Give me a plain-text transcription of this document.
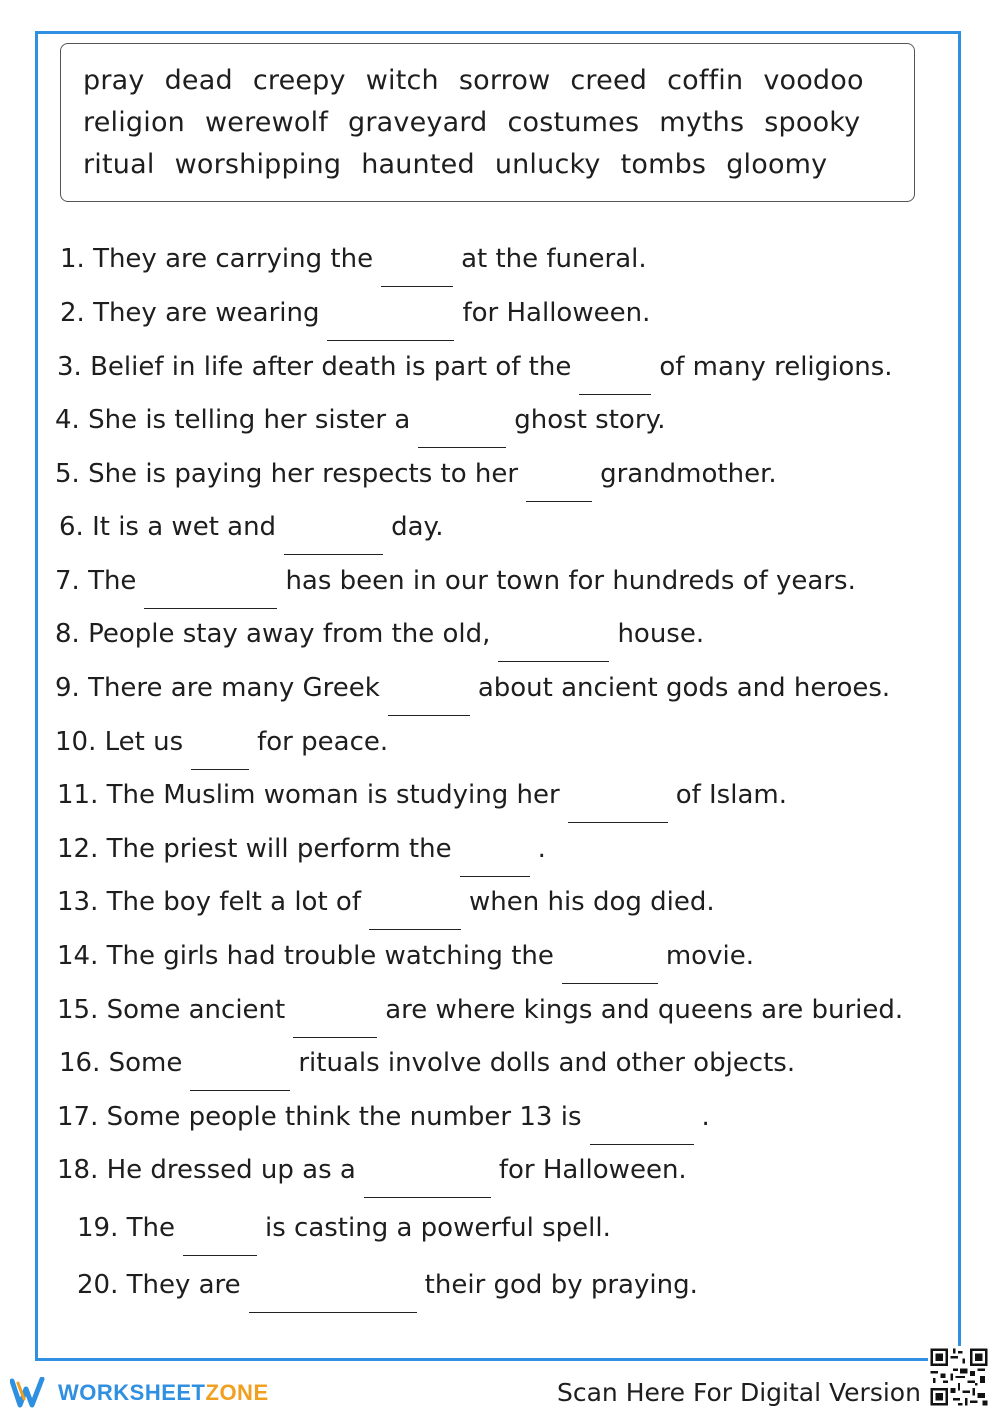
pray dead creepy witch sorrow creed coffin voodoo
religion werewolf graveyard costumes myths spooky
ritual worshipping haunted unlucky tombs gloomy
1. They are carrying the	at the funeral.
2. They are wearing	for Halloween.
3. Belief in life after death is part of the	of many religions.
4. She is telling her sister a	ghost story.
5. She is paying her respects to her	grandmother.
6. It is a wet and	day.
7. The	has been in our town for hundreds of years.
8. People stay away from the old,	house.
9. There are many Greek	about ancient gods and heroes.
10. Let us	for peace.
11. The Muslim woman is studying her	of Islam.
12. The priest will perform the	.
13. The boy felt a lot of	when his dog died.
14. The girls had trouble watching the	movie.
15. Some ancient	are where kings and queens are buried.
16. Some	rituals involve dolls and other objects.
17. Some people think the number 13 is	.
18. He dressed up as a	for Halloween.
19. The	is casting a powerful spell.
20. They are	their god by praying.
WORKSHEETZONE	Scan Here For Digital Version
